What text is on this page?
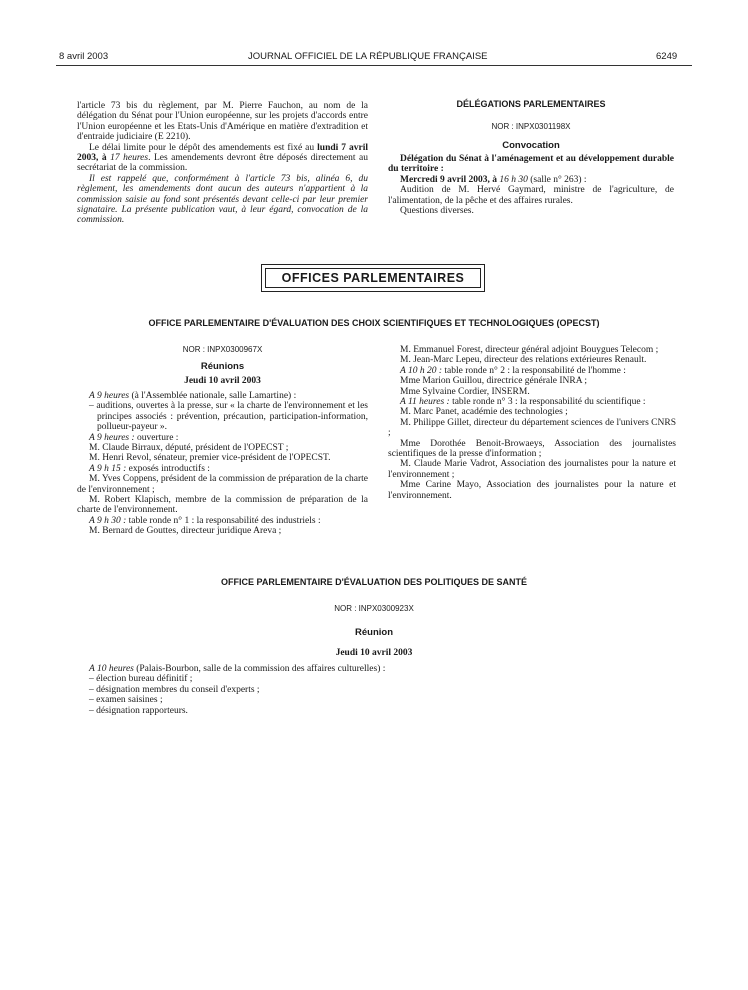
8 avril 2003	JOURNAL OFFICIEL DE LA RÉPUBLIQUE FRANÇAISE	6249

l'article 73 bis du règlement, par M. Pierre Fauchon, au nom de la délégation du Sénat pour l'Union européenne, sur les projets d'accords entre l'Union européenne et les Etats-Unis d'Amérique en matière d'extradition et d'entraide judiciaire (E 2210).

Le délai limite pour le dépôt des amendements est fixé au lundi 7 avril 2003, à 17 heures. Les amendements devront être déposés directement au secrétariat de la commission.

Il est rappelé que, conformément à l'article 73 bis, alinéa 6, du règlement, les amendements dont aucun des auteurs n'appartient à la commission saisie au fond sont présentés devant celle-ci par leur premier signataire. La présente publication vaut, à leur égard, convocation de la commission.

DÉLÉGATIONS PARLEMENTAIRES
NOR : INPX0301198X
Convocation

Délégation du Sénat à l'aménagement et au développement durable du territoire :

Mercredi 9 avril 2003, à 16 h 30 (salle n° 263) :

Audition de M. Hervé Gaymard, ministre de l'agriculture, de l'alimentation, de la pêche et des affaires rurales.

Questions diverses.

OFFICES PARLEMENTAIRES
OFFICE PARLEMENTAIRE D'ÉVALUATION DES CHOIX SCIENTIFIQUES ET TECHNOLOGIQUES (OPECST)
NOR : INPX0300967X
Réunions
Jeudi 10 avril 2003

A 9 heures (à l'Assemblée nationale, salle Lamartine) :

– auditions, ouvertes à la presse, sur « la charte de l'environnement et les principes associés : prévention, précaution, participation-information, pollueur-payeur ».

A 9 heures : ouverture :

M. Claude Birraux, député, président de l'OPECST ;

M. Henri Revol, sénateur, premier vice-président de l'OPECST.

A 9 h 15 : exposés introductifs :

M. Yves Coppens, président de la commission de préparation de la charte de l'environnement ;

M. Robert Klapisch, membre de la commission de préparation de la charte de l'environnement.

A 9 h 30 : table ronde n° 1 : la responsabilité des industriels :

M. Bernard de Gouttes, directeur juridique Areva ;

M. Emmanuel Forest, directeur général adjoint Bouygues Telecom ;

M. Jean-Marc Lepeu, directeur des relations extérieures Renault.

A 10 h 20 : table ronde n° 2 : la responsabilité de l'homme :

Mme Marion Guillou, directrice générale INRA ;

Mme Sylvaine Cordier, INSERM.

A 11 heures : table ronde n° 3 : la responsabilité du scientifique :

M. Marc Panet, académie des technologies ;

M. Philippe Gillet, directeur du département sciences de l'univers CNRS ;

Mme Dorothée Benoit-Browaeys, Association des journalistes scientifiques de la presse d'information ;

M. Claude Marie Vadrot, Association des journalistes pour la nature et l'environnement ;

Mme Carine Mayo, Association des journalistes pour la nature et l'environnement.

OFFICE PARLEMENTAIRE D'ÉVALUATION DES POLITIQUES DE SANTÉ
NOR : INPX0300923X
Réunion
Jeudi 10 avril 2003

A 10 heures (Palais-Bourbon, salle de la commission des affaires culturelles) :

– élection bureau définitif ;

– désignation membres du conseil d'experts ;

– examen saisines ;

– désignation rapporteurs.
